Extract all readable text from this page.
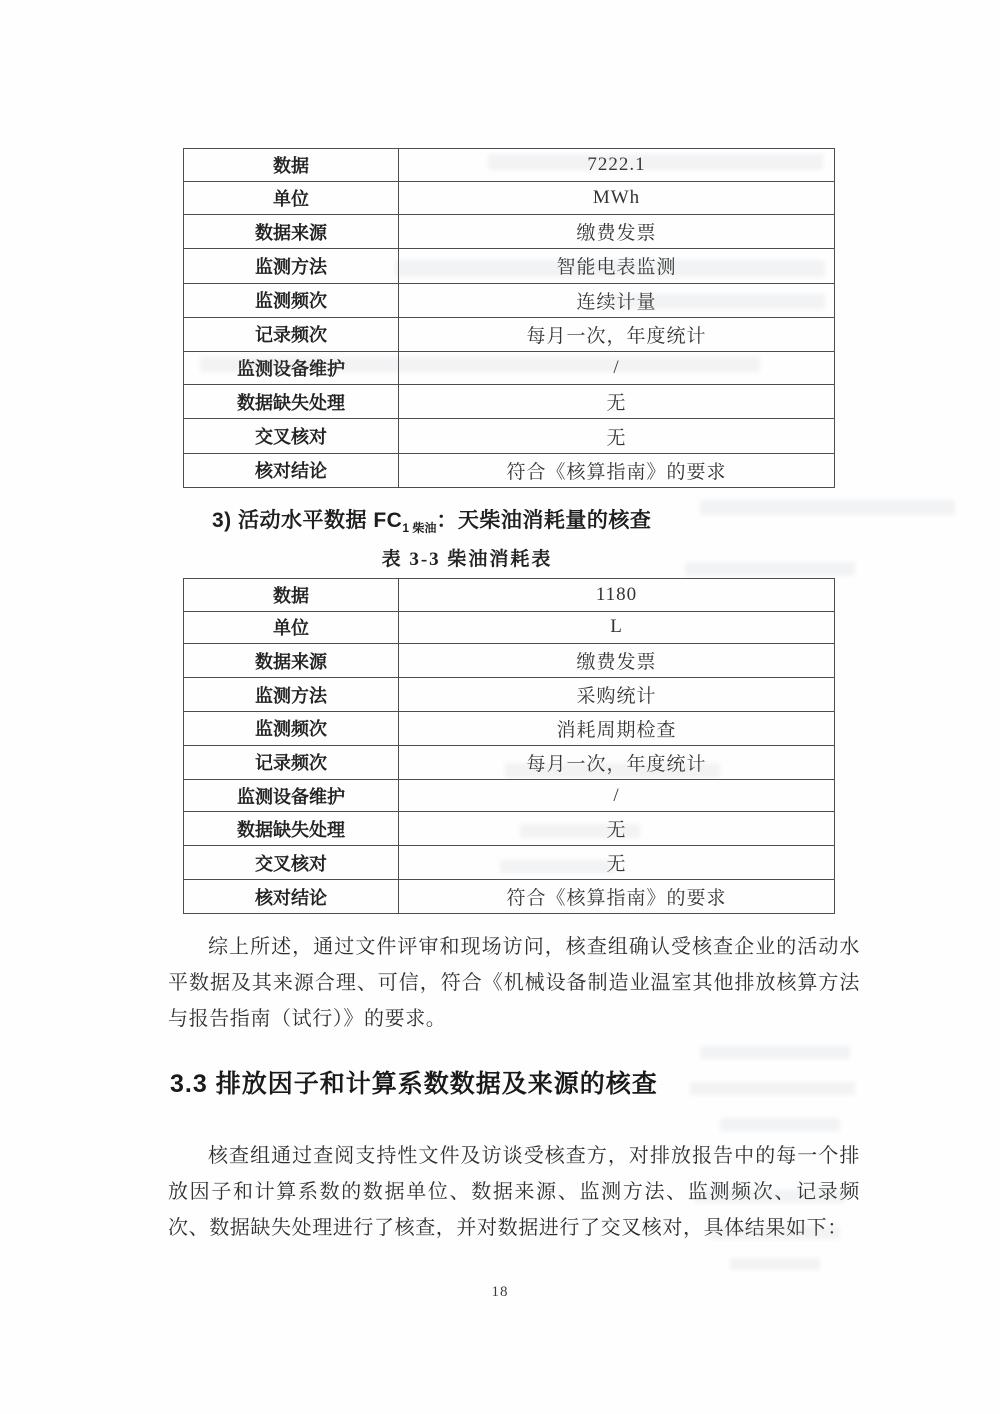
数据	7222.1
单位	MWh
数据来源	缴费发票
监测方法	智能电表监测
监测频次	连续计量
记录频次	每月一次，年度统计
监测设备维护	/
数据缺失处理	无
交叉核对	无
核对结论	符合《核算指南》的要求
3) 活动水平数据 $FC_{1 柴油}$：天柴油消耗量的核查
表 3-3 柴油消耗表
数据	1180
单位	L
数据来源	缴费发票
监测方法	采购统计
监测频次	消耗周期检查
记录频次	每月一次，年度统计
监测设备维护	/
数据缺失处理	无
交叉核对	无
核对结论	符合《核算指南》的要求
综上所述，通过文件评审和现场访问，核查组确认受核查企业的活动水平数据及其来源合理、可信，符合《机械设备制造业温室其他排放核算方法与报告指南（试行）》的要求。
3.3 排放因子和计算系数数据及来源的核查
核查组通过查阅支持性文件及访谈受核查方，对排放报告中的每一个排放因子和计算系数的数据单位、数据来源、监测方法、监测频次、记录频次、数据缺失处理进行了核查，并对数据进行了交叉核对，具体结果如下：
18
